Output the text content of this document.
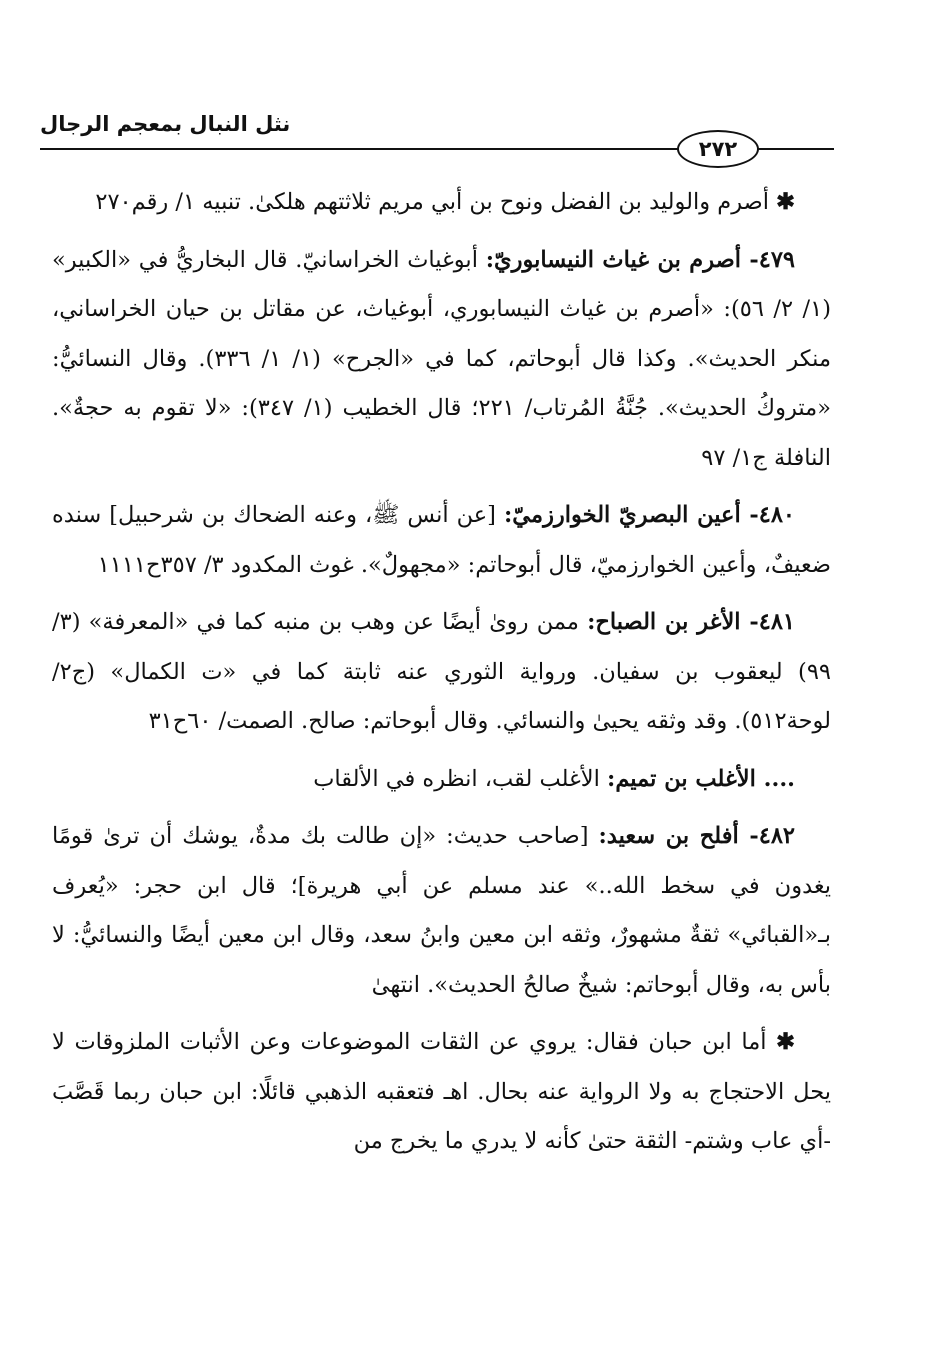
نثل النبال بمعجم الرجال
٢٧٢

✱ أصرم والوليد بن الفضل ونوح بن أبي مريم ثلاثتهم هلكىٰ. تنبيه ١/ رقم٢٧٠

٤٧٩- أصرم بن غياث النيسابوريّ: أبوغياث الخراسانيّ. قال البخاريُّ في «الكبير» (١/ ٢/ ٥٦): «أصرم بن غياث النيسابوري، أبوغياث، عن مقاتل بن حيان الخراساني، منكر الحديث». وكذا قال أبوحاتم، كما في «الجرح» (١/ ١/ ٣٣٦). وقال النسائيُّ: «متروكُ الحديث». جُنَّةُ المُرتاب/ ٢٢١؛ قال الخطيب (١/ ٣٤٧): «لا تقوم به حجةٌ». النافلة ج١/ ٩٧

٤٨٠- أعين البصريّ الخوارزميّ: [عن أنس ﷺ، وعنه الضحاك بن شرحبيل] سنده ضعيفٌ، وأعين الخوارزميّ، قال أبوحاتم: «مجهولٌ». غوث المكدود ٣/ ٣٥٧ح١١١١

٤٨١- الأغر بن الصباح: ممن روىٰ أيضًا عن وهب بن منبه كما في «المعرفة» (٣/ ٩٩) ليعقوب بن سفيان. ورواية الثوري عنه ثابتة كما في «ت الكمال» (ج٢/ لوحة٥١٢). وقد وثقه يحيىٰ والنسائي. وقال أبوحاتم: صالح. الصمت/ ٦٠ح٣١

.... الأغلب بن تميم: الأغلب لقب، انظره في الألقاب

٤٨٢- أفلح بن سعيد: [صاحب حديث: «إن طالت بك مدةٌ، يوشك أن ترىٰ قومًا يغدون في سخط الله..» عند مسلم عن أبي هريرة]؛ قال ابن حجر: «يُعرف بـ«القبائي» ثقةٌ مشهورٌ، وثقه ابن معين وابنُ سعد، وقال ابن معين أيضًا والنسائيُّ: لا بأس به، وقال أبوحاتم: شيخٌ صالحُ الحديث». انتهىٰ

✱ أما ابن حبان فقال: يروي عن الثقات الموضوعات وعن الأثبات الملزوقات لا يحل الاحتجاج به ولا الرواية عنه بحال. اهـ فتعقبه الذهبي قائلًا: ابن حبان ربما قَصَّبَ -أي عاب وشتم- الثقة حتىٰ كأنه لا يدري ما يخرج من
